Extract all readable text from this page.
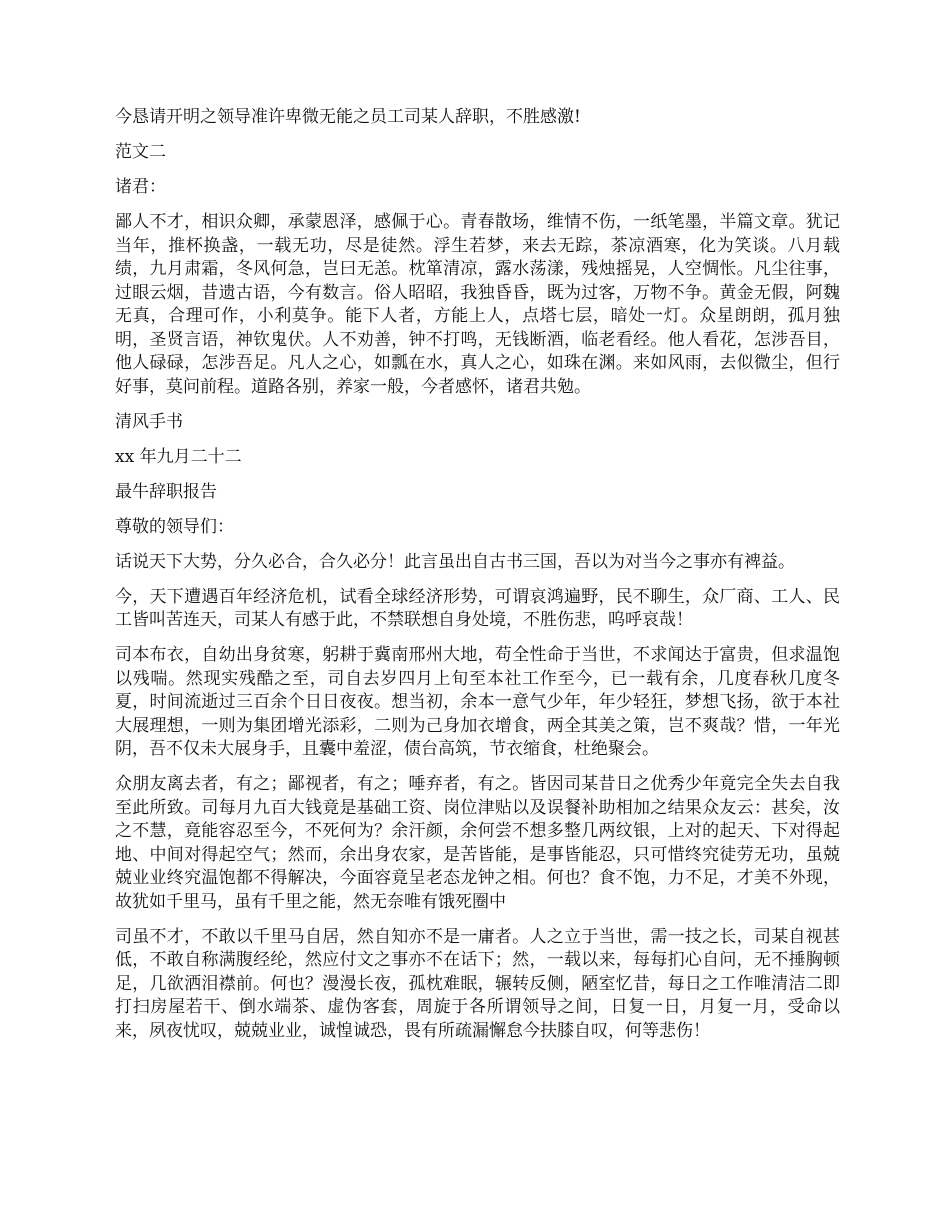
今恳请开明之领导准许卑微无能之员工司某人辞职，不胜感激!

范文二

诸君：

鄙人不才，相识众卿，承蒙恩泽，感佩于心。青春散场，维情不伤，一纸笔墨，半篇文章。犹记当年，推杯换盏，一载无功，尽是徒然。浮生若梦，来去无踪，茶凉酒寒，化为笑谈。八月载绩，九月肃霜，冬风何急，岂曰无恙。枕箪清凉，露水荡漾，残烛摇晃，人空惆怅。凡尘往事，过眼云烟，昔遗古语，今有数言。俗人昭昭，我独昏昏，既为过客，万物不争。黄金无假，阿魏无真，合理可作，小利莫争。能下人者，方能上人，点塔七层，暗处一灯。众星朗朗，孤月独明，圣贤言语，神钦鬼伏。人不劝善，钟不打鸣，无钱断酒，临老看经。他人看花，怎涉吾目，他人碌碌，怎涉吾足。凡人之心，如瓢在水，真人之心，如珠在渊。来如风雨，去似微尘，但行好事，莫问前程。道路各别，养家一般，今者感怀，诸君共勉。

清风手书

xx 年九月二十二

最牛辞职报告

尊敬的领导们：

话说天下大势，分久必合，合久必分！此言虽出自古书三国，吾以为对当今之事亦有裨益。

今，天下遭遇百年经济危机，试看全球经济形势，可谓哀鸿遍野，民不聊生，众厂商、工人、民工皆叫苦连天，司某人有感于此，不禁联想自身处境，不胜伤悲，呜呼哀哉！

司本布衣，自幼出身贫寒，躬耕于冀南邢州大地，苟全性命于当世，不求闻达于富贵，但求温饱以残喘。然现实残酷之至，司自去岁四月上旬至本社工作至今，已一载有余，几度春秋几度冬夏，时间流逝过三百余个日日夜夜。想当初，余本一意气少年，年少轻狂，梦想飞扬，欲于本社大展理想，一则为集团增光添彩，二则为己身加衣增食，两全其美之策，岂不爽哉？惜，一年光阴，吾不仅未大展身手，且囊中羞涩，债台高筑，节衣缩食，杜绝聚会。

众朋友离去者，有之；鄙视者，有之；唾弃者，有之。皆因司某昔日之优秀少年竟完全失去自我至此所致。司每月九百大钱竟是基础工资、岗位津贴以及误餐补助相加之结果众友云：甚矣，汝之不慧，竟能容忍至今，不死何为？余汗颜，余何尝不想多整几两纹银，上对的起天、下对得起地、中间对得起空气；然而，余出身农家，是苦皆能，是事皆能忍，只可惜终究徒劳无功，虽兢兢业业终究温饱都不得解决，今面容竟呈老态龙钟之相。何也？食不饱，力不足，才美不外现，故犹如千里马，虽有千里之能，然无奈唯有饿死圈中

司虽不才，不敢以千里马自居，然自知亦不是一庸者。人之立于当世，需一技之长，司某自视甚低，不敢自称满腹经纶，然应付文之事亦不在话下；然，一载以来，每每扪心自问，无不捶胸顿足，几欲洒泪襟前。何也？漫漫长夜，孤枕难眠，辗转反侧，陋室忆昔，每日之工作唯清洁二即打扫房屋若干、倒水端茶、虚伪客套，周旋于各所谓领导之间，日复一日，月复一月，受命以来，夙夜忧叹，兢兢业业，诚惶诚恐，畏有所疏漏懈怠今扶膝自叹，何等悲伤！
